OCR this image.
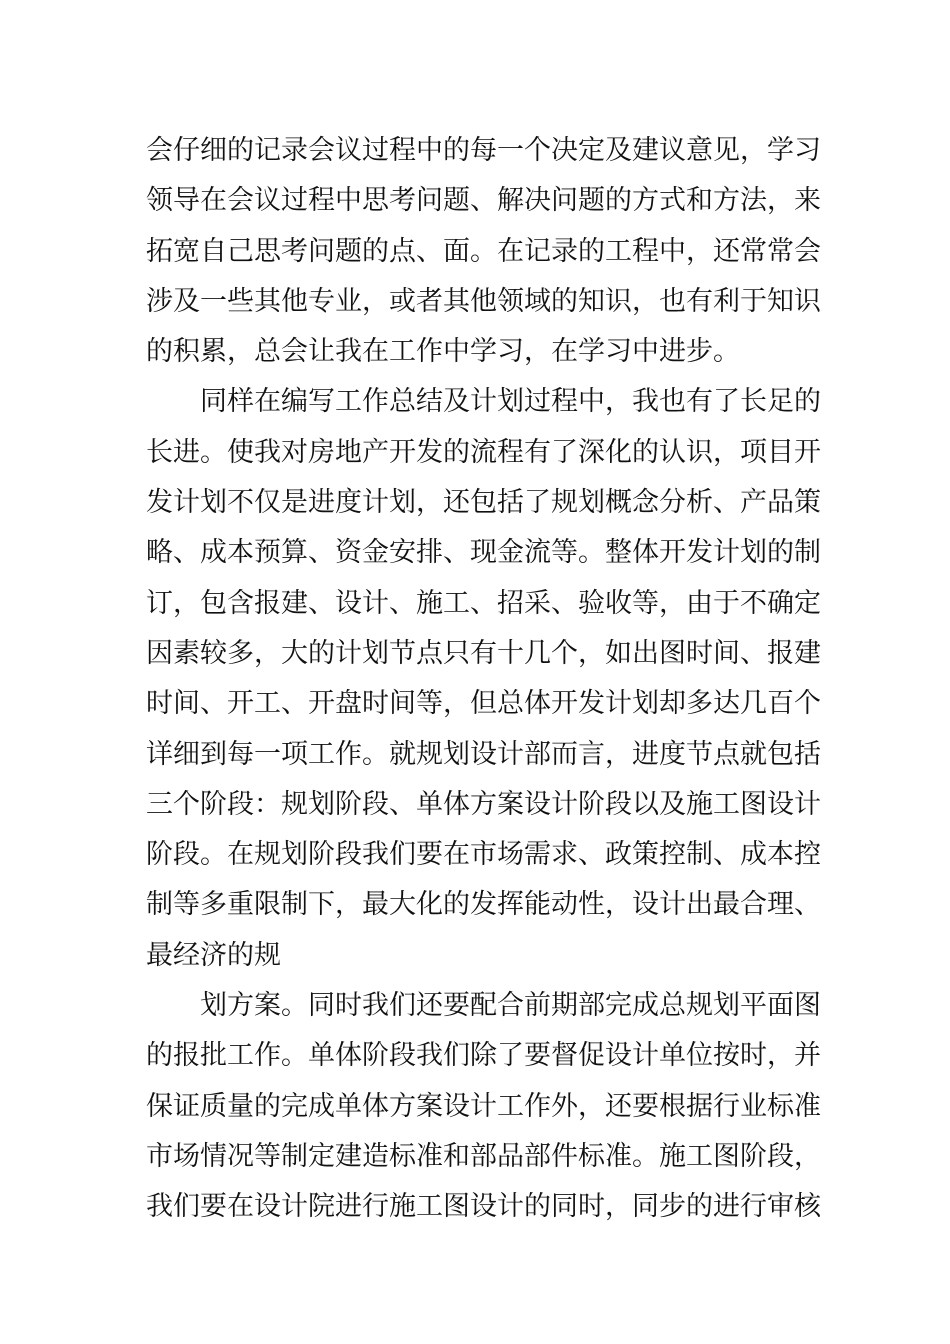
会仔细的记录会议过程中的每一个决定及建议意见，学习
领导在会议过程中思考问题、解决问题的方式和方法，来
拓宽自己思考问题的点、面。在记录的工程中，还常常会
涉及一些其他专业，或者其他领域的知识，也有利于知识
的积累，总会让我在工作中学习，在学习中进步。
同样在编写工作总结及计划过程中，我也有了长足的
长进。使我对房地产开发的流程有了深化的认识，项目开
发计划不仅是进度计划，还包括了规划概念分析、产品策
略、成本预算、资金安排、现金流等。整体开发计划的制
订，包含报建、设计、施工、招采、验收等，由于不确定
因素较多，大的计划节点只有十几个，如出图时间、报建
时间、开工、开盘时间等，但总体开发计划却多达几百个
详细到每一项工作。就规划设计部而言，进度节点就包括
三个阶段：规划阶段、单体方案设计阶段以及施工图设计
阶段。在规划阶段我们要在市场需求、政策控制、成本控
制等多重限制下，最大化的发挥能动性，设计出最合理、
最经济的规
划方案。同时我们还要配合前期部完成总规划平面图
的报批工作。单体阶段我们除了要督促设计单位按时，并
保证质量的完成单体方案设计工作外，还要根据行业标准
市场情况等制定建造标准和部品部件标准。施工图阶段，
我们要在设计院进行施工图设计的同时，同步的进行审核
